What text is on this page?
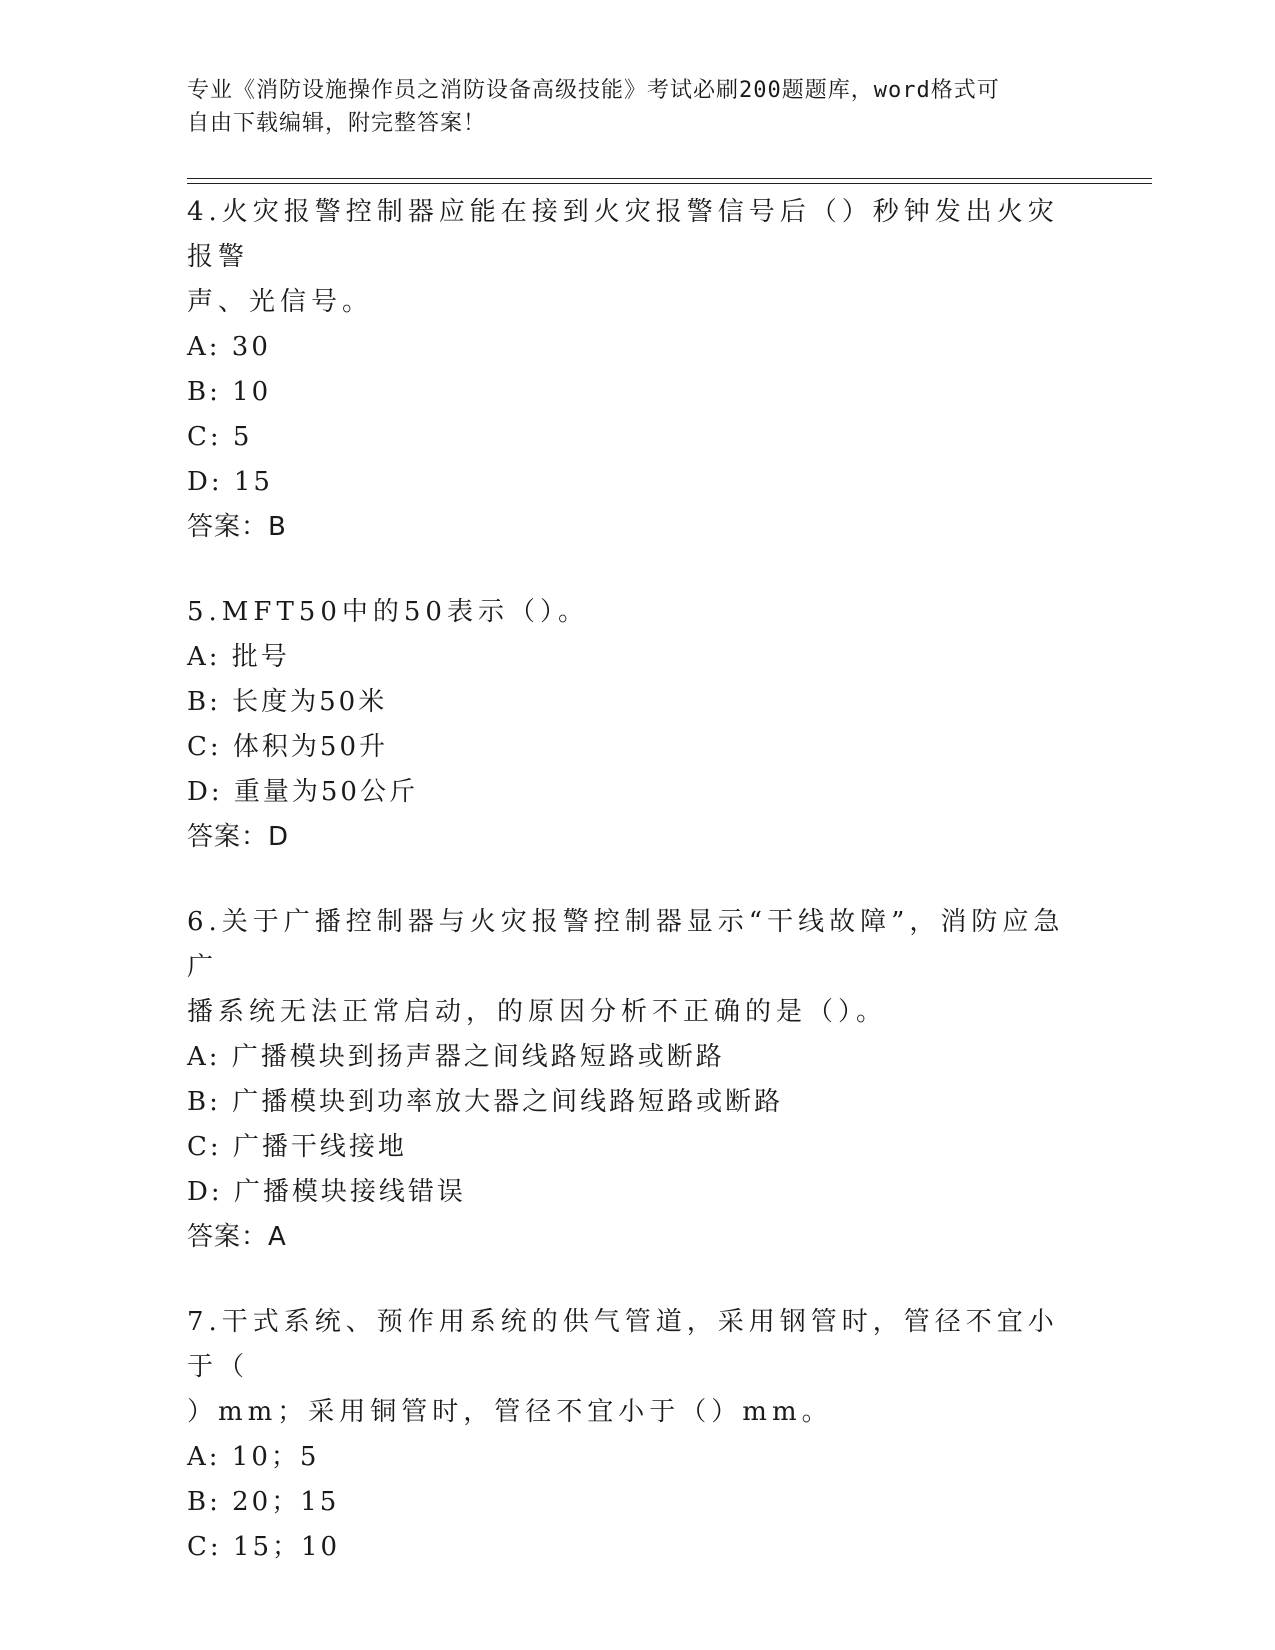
专业《消防设施操作员之消防设备高级技能》考试必刷200题题库，word格式可
自由下载编辑，附完整答案！

4.火灾报警控制器应能在接到火灾报警信号后（）秒钟发出火灾报警

声、光信号。

A: 30

B: 10

C: 5

D: 15

答案：B

5.MFT50中的50表示（）。

A: 批号

B: 长度为50米

C: 体积为50升

D: 重量为50公斤

答案：D

6.关于广播控制器与火灾报警控制器显示“干线故障”，消防应急广

播系统无法正常启动，的原因分析不正确的是（）。

A: 广播模块到扬声器之间线路短路或断路

B: 广播模块到功率放大器之间线路短路或断路

C: 广播干线接地

D: 广播模块接线错误

答案：A

7.干式系统、预作用系统的供气管道，采用钢管时，管径不宜小于（

）mm；采用铜管时，管径不宜小于（）mm。

A: 10；5

B: 20；15

C: 15；10
